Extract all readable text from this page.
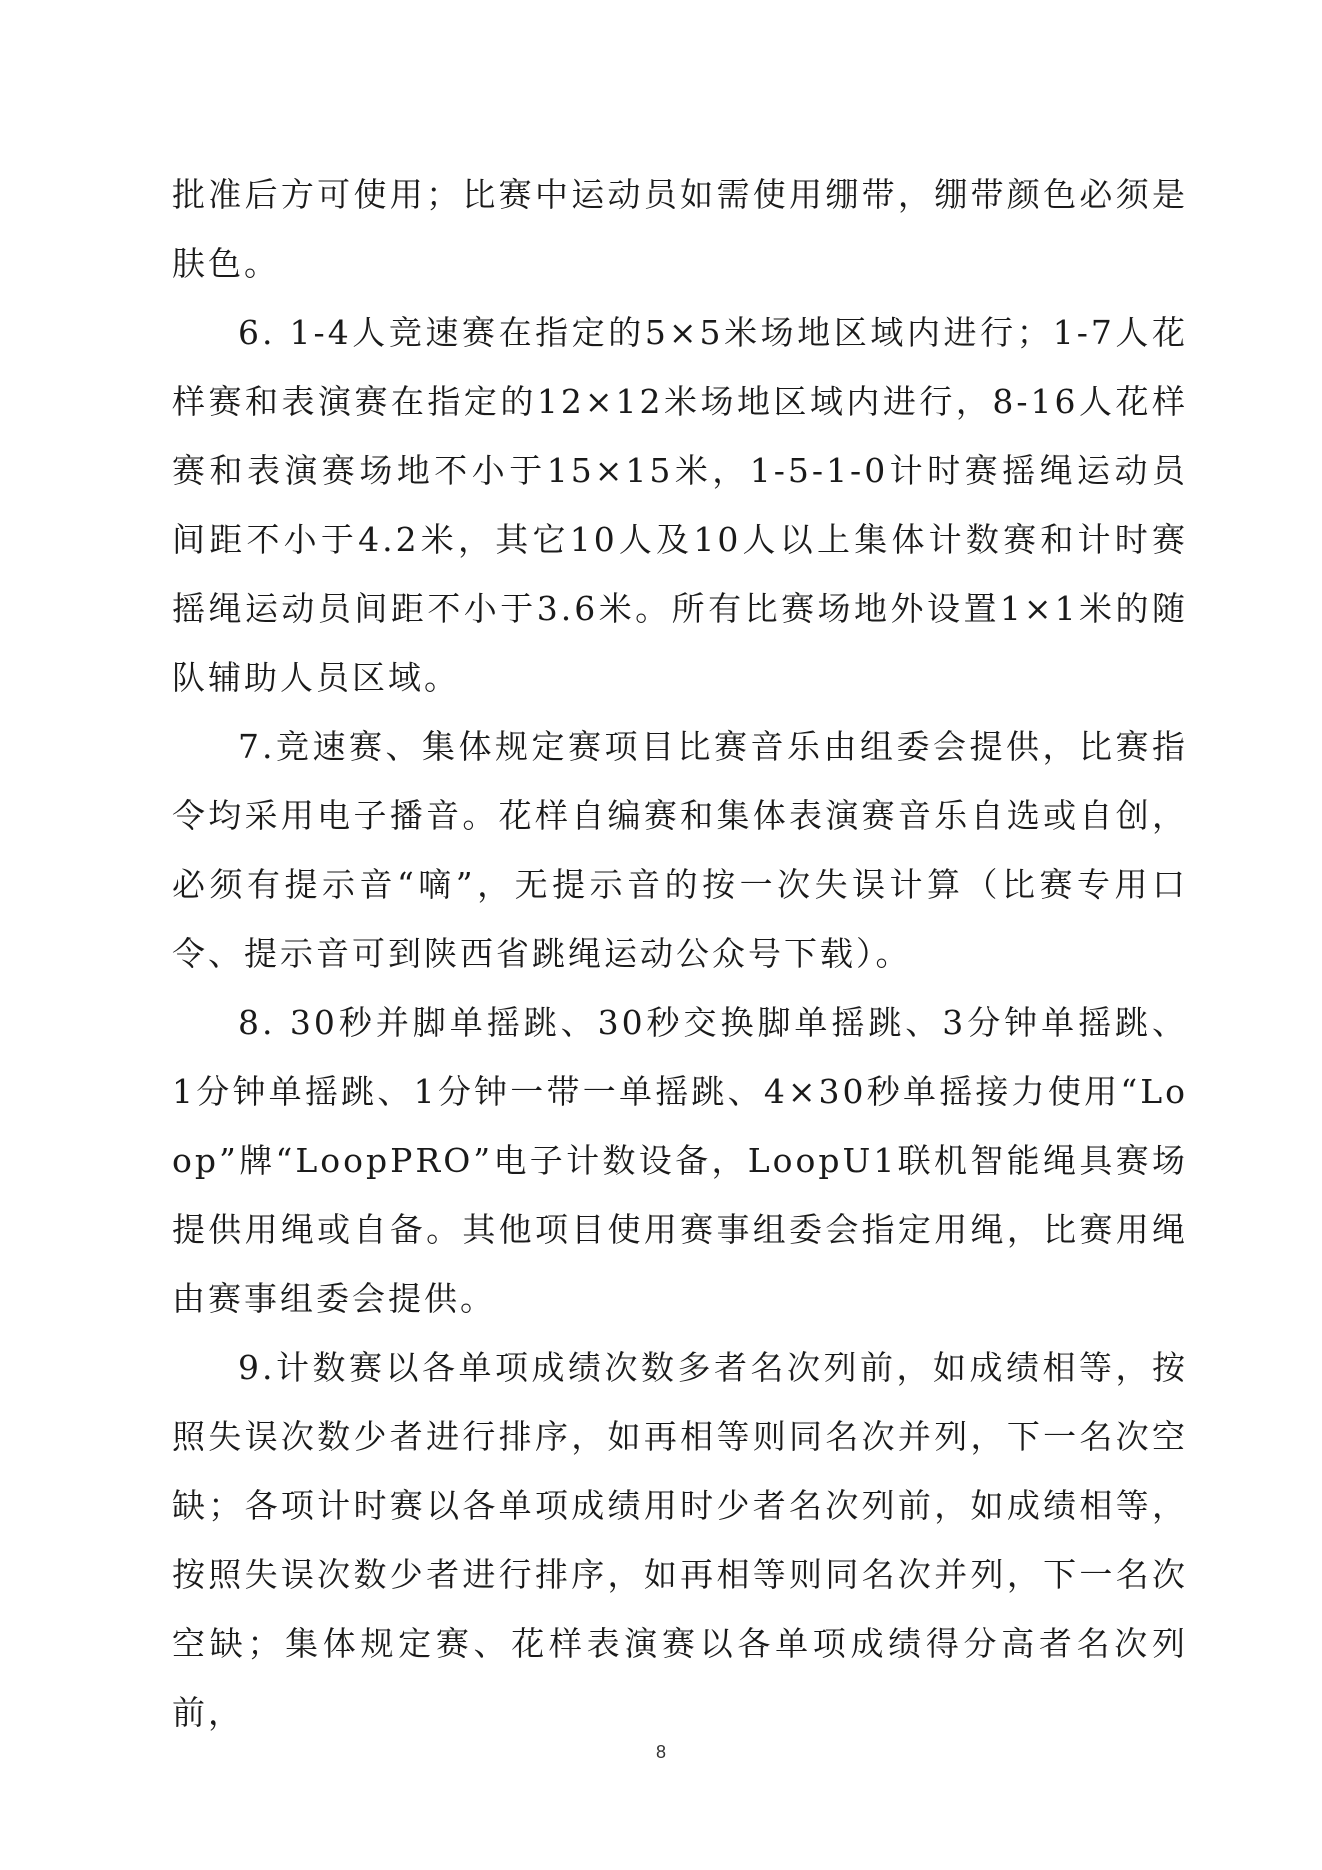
批准后方可使用；比赛中运动员如需使用绷带，绷带颜色必须是肤色。

6. 1-4人竞速赛在指定的5×5米场地区域内进行；1-7人花样赛和表演赛在指定的12×12米场地区域内进行，8-16人花样赛和表演赛场地不小于15×15米，1-5-1-0计时赛摇绳运动员间距不小于4.2米，其它10人及10人以上集体计数赛和计时赛摇绳运动员间距不小于3.6米。所有比赛场地外设置1×1米的随队辅助人员区域。

7.竞速赛、集体规定赛项目比赛音乐由组委会提供，比赛指令均采用电子播音。花样自编赛和集体表演赛音乐自选或自创，必须有提示音“嘀”，无提示音的按一次失误计算（比赛专用口令、提示音可到陕西省跳绳运动公众号下载）。

8. 30秒并脚单摇跳、30秒交换脚单摇跳、3分钟单摇跳、1分钟单摇跳、1分钟一带一单摇跳、4×30秒单摇接力使用“Loop”牌“LoopPRO”电子计数设备，LoopU1联机智能绳具赛场提供用绳或自备。其他项目使用赛事组委会指定用绳，比赛用绳由赛事组委会提供。

9.计数赛以各单项成绩次数多者名次列前，如成绩相等，按照失误次数少者进行排序，如再相等则同名次并列，下一名次空缺；各项计时赛以各单项成绩用时少者名次列前，如成绩相等，按照失误次数少者进行排序，如再相等则同名次并列，下一名次空缺；集体规定赛、花样表演赛以各单项成绩得分高者名次列前，

8
